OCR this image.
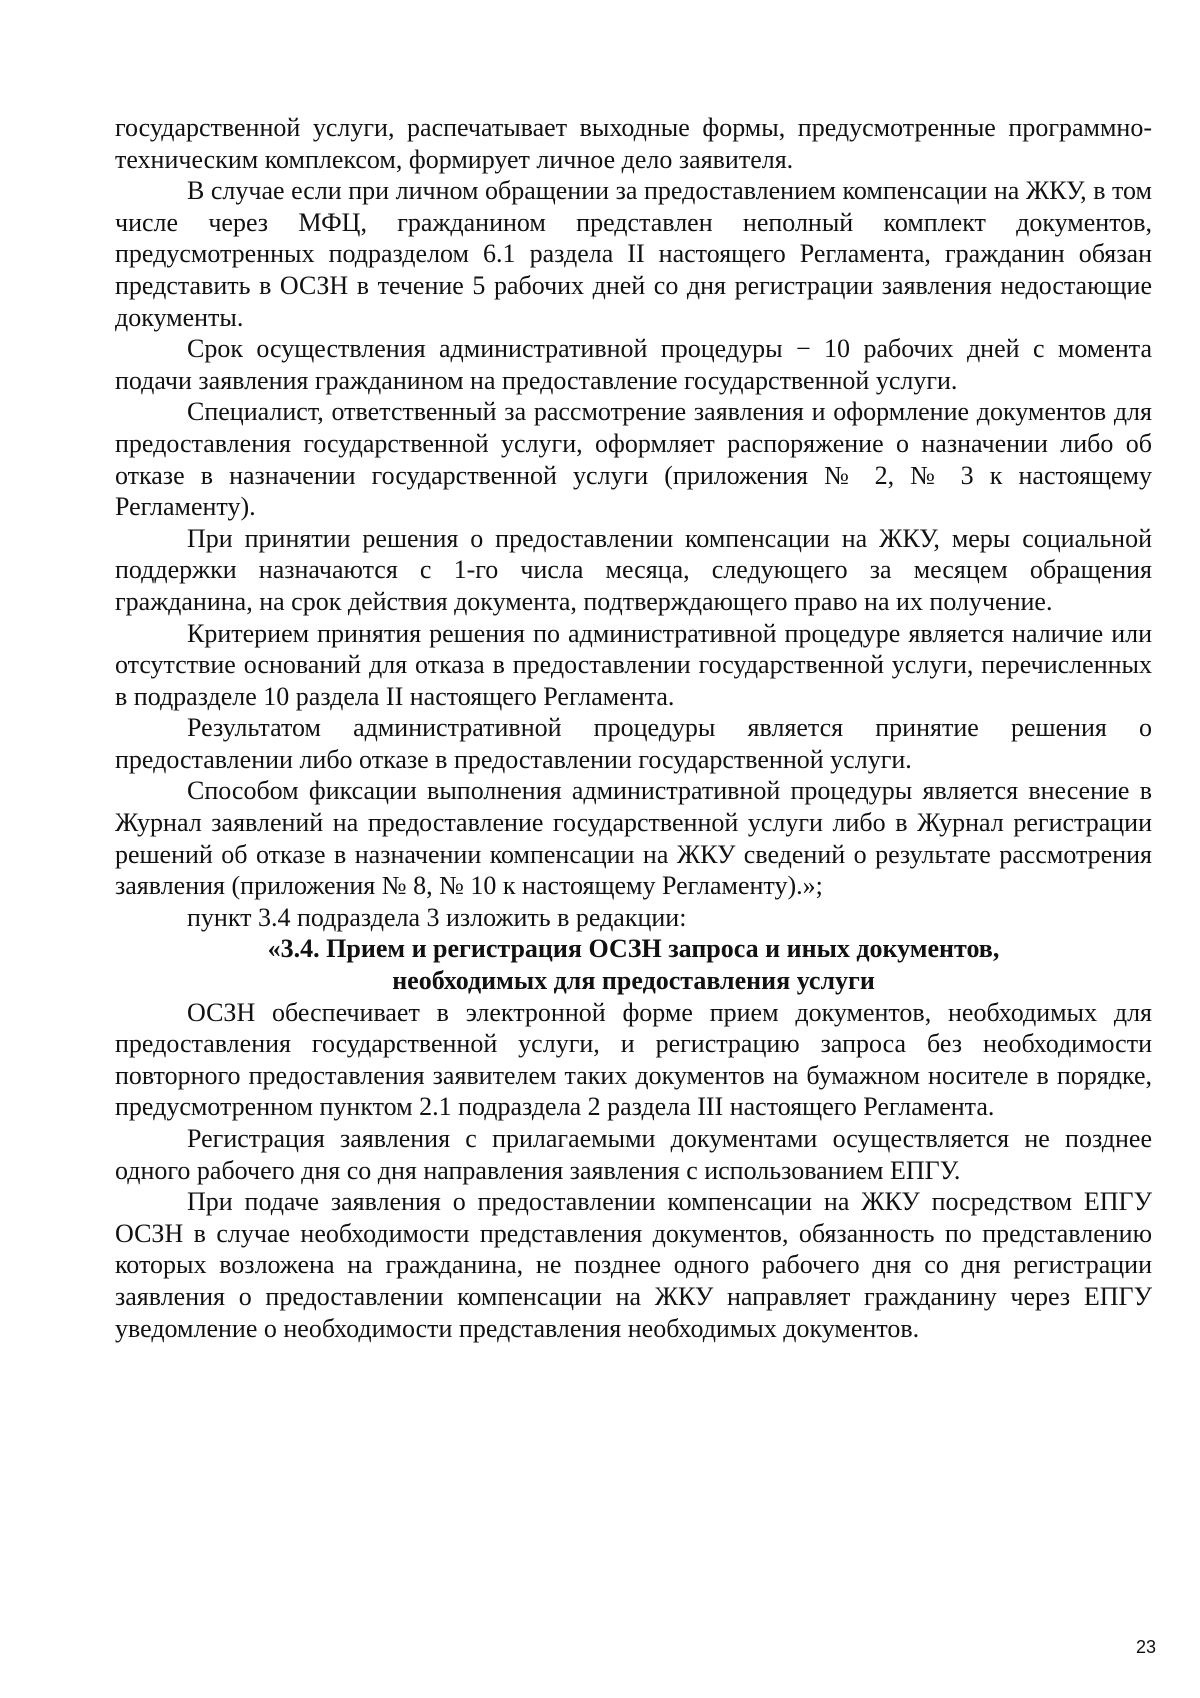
государственной услуги, распечатывает выходные формы, предусмотренные программно-техническим комплексом, формирует личное дело заявителя.

В случае если при личном обращении за предоставлением компенсации на ЖКУ, в том числе через МФЦ, гражданином представлен неполный комплект документов, предусмотренных подразделом 6.1 раздела II настоящего Регламента, гражданин обязан представить в ОСЗН в течение 5 рабочих дней со дня регистрации заявления недостающие документы.

Срок осуществления административной процедуры − 10 рабочих дней с момента подачи заявления гражданином на предоставление государственной услуги.

Специалист, ответственный за рассмотрение заявления и оформление документов для предоставления государственной услуги, оформляет распоряжение о назначении либо об отказе в назначении государственной услуги (приложения № 2, № 3 к настоящему Регламенту).

При принятии решения о предоставлении компенсации на ЖКУ, меры социальной поддержки назначаются с 1-го числа месяца, следующего за месяцем обращения гражданина, на срок действия документа, подтверждающего право на их получение.

Критерием принятия решения по административной процедуре является наличие или отсутствие оснований для отказа в предоставлении государственной услуги, перечисленных в подразделе 10 раздела II настоящего Регламента.

Результатом административной процедуры является принятие решения о предоставлении либо отказе в предоставлении государственной услуги.

Способом фиксации выполнения административной процедуры является внесение в Журнал заявлений на предоставление государственной услуги либо в Журнал регистрации решений об отказе в назначении компенсации на ЖКУ сведений о результате рассмотрения заявления (приложения № 8, № 10 к настоящему Регламенту).»;

пункт 3.4 подраздела 3 изложить в редакции:

«3.4. Прием и регистрация ОСЗН запроса и иных документов,

необходимых для предоставления услуги

ОСЗН обеспечивает в электронной форме прием документов, необходимых для предоставления государственной услуги, и регистрацию запроса без необходимости повторного предоставления заявителем таких документов на бумажном носителе в порядке, предусмотренном пунктом 2.1 подраздела 2 раздела III настоящего Регламента.

Регистрация заявления с прилагаемыми документами осуществляется не позднее одного рабочего дня со дня направления заявления с использованием ЕПГУ.

При подаче заявления о предоставлении компенсации на ЖКУ посредством ЕПГУ ОСЗН в случае необходимости представления документов, обязанность по представлению которых возложена на гражданина, не позднее одного рабочего дня со дня регистрации заявления о предоставлении компенсации на ЖКУ направляет гражданину через ЕПГУ уведомление о необходимости представления необходимых документов.

23
